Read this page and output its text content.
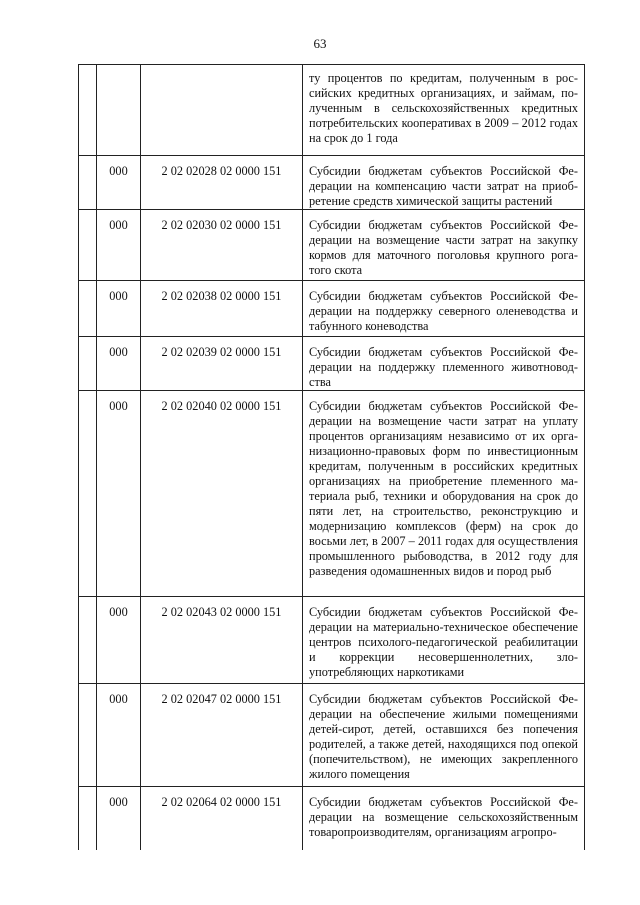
63
			ту процентов по кредитам, полученным в российских кредитных организациях, и займам, полученным в сельскохозяйственных кредитных потребительских кооперативах в 2009 – 2012 годах на срок до 1 года
	000	2 02 02028 02 0000 151	Субсидии бюджетам субъектов Российской Федерации на компенсацию части затрат на приобретение средств химической защиты растений
	000	2 02 02030 02 0000 151	Субсидии бюджетам субъектов Российской Федерации на возмещение части затрат на закупку кормов для маточного поголовья крупного рогатого скота
	000	2 02 02038 02 0000 151	Субсидии бюджетам субъектов Российской Федерации на поддержку северного оленеводства и табунного коневодства
	000	2 02 02039 02 0000 151	Субсидии бюджетам субъектов Российской Федерации на поддержку племенного животноводства
	000	2 02 02040 02 0000 151	Субсидии бюджетам субъектов Российской Федерации на возмещение части затрат на уплату процентов организациям независимо от их организационно-правовых форм по инвестиционным кредитам, полученным в российских кредитных организациях на приобретение племенного материала рыб, техники и оборудования на срок до пяти лет, на строительство, реконструкцию и модернизацию комплексов (ферм) на срок до восьми лет, в 2007 – 2011 годах для осуществления промышленного рыбоводства, в 2012 году для разведения одомашненных видов и пород рыб
	000	2 02 02043 02 0000 151	Субсидии бюджетам субъектов Российской Федерации на материально-техническое обеспечение центров психолого-педагогической реабилитации и коррекции несовершеннолетних, злоупотребляющих наркотиками
	000	2 02 02047 02 0000 151	Субсидии бюджетам субъектов Российской Федерации на обеспечение жилыми помещениями детей-сирот, детей, оставшихся без попечения родителей, а также детей, находящихся под опекой (попечительством), не имеющих закрепленного жилого помещения
	000	2 02 02064 02 0000 151	Субсидии бюджетам субъектов Российской Федерации на возмещение сельскохозяйственным товаропроизводителям, организациям агропро-
